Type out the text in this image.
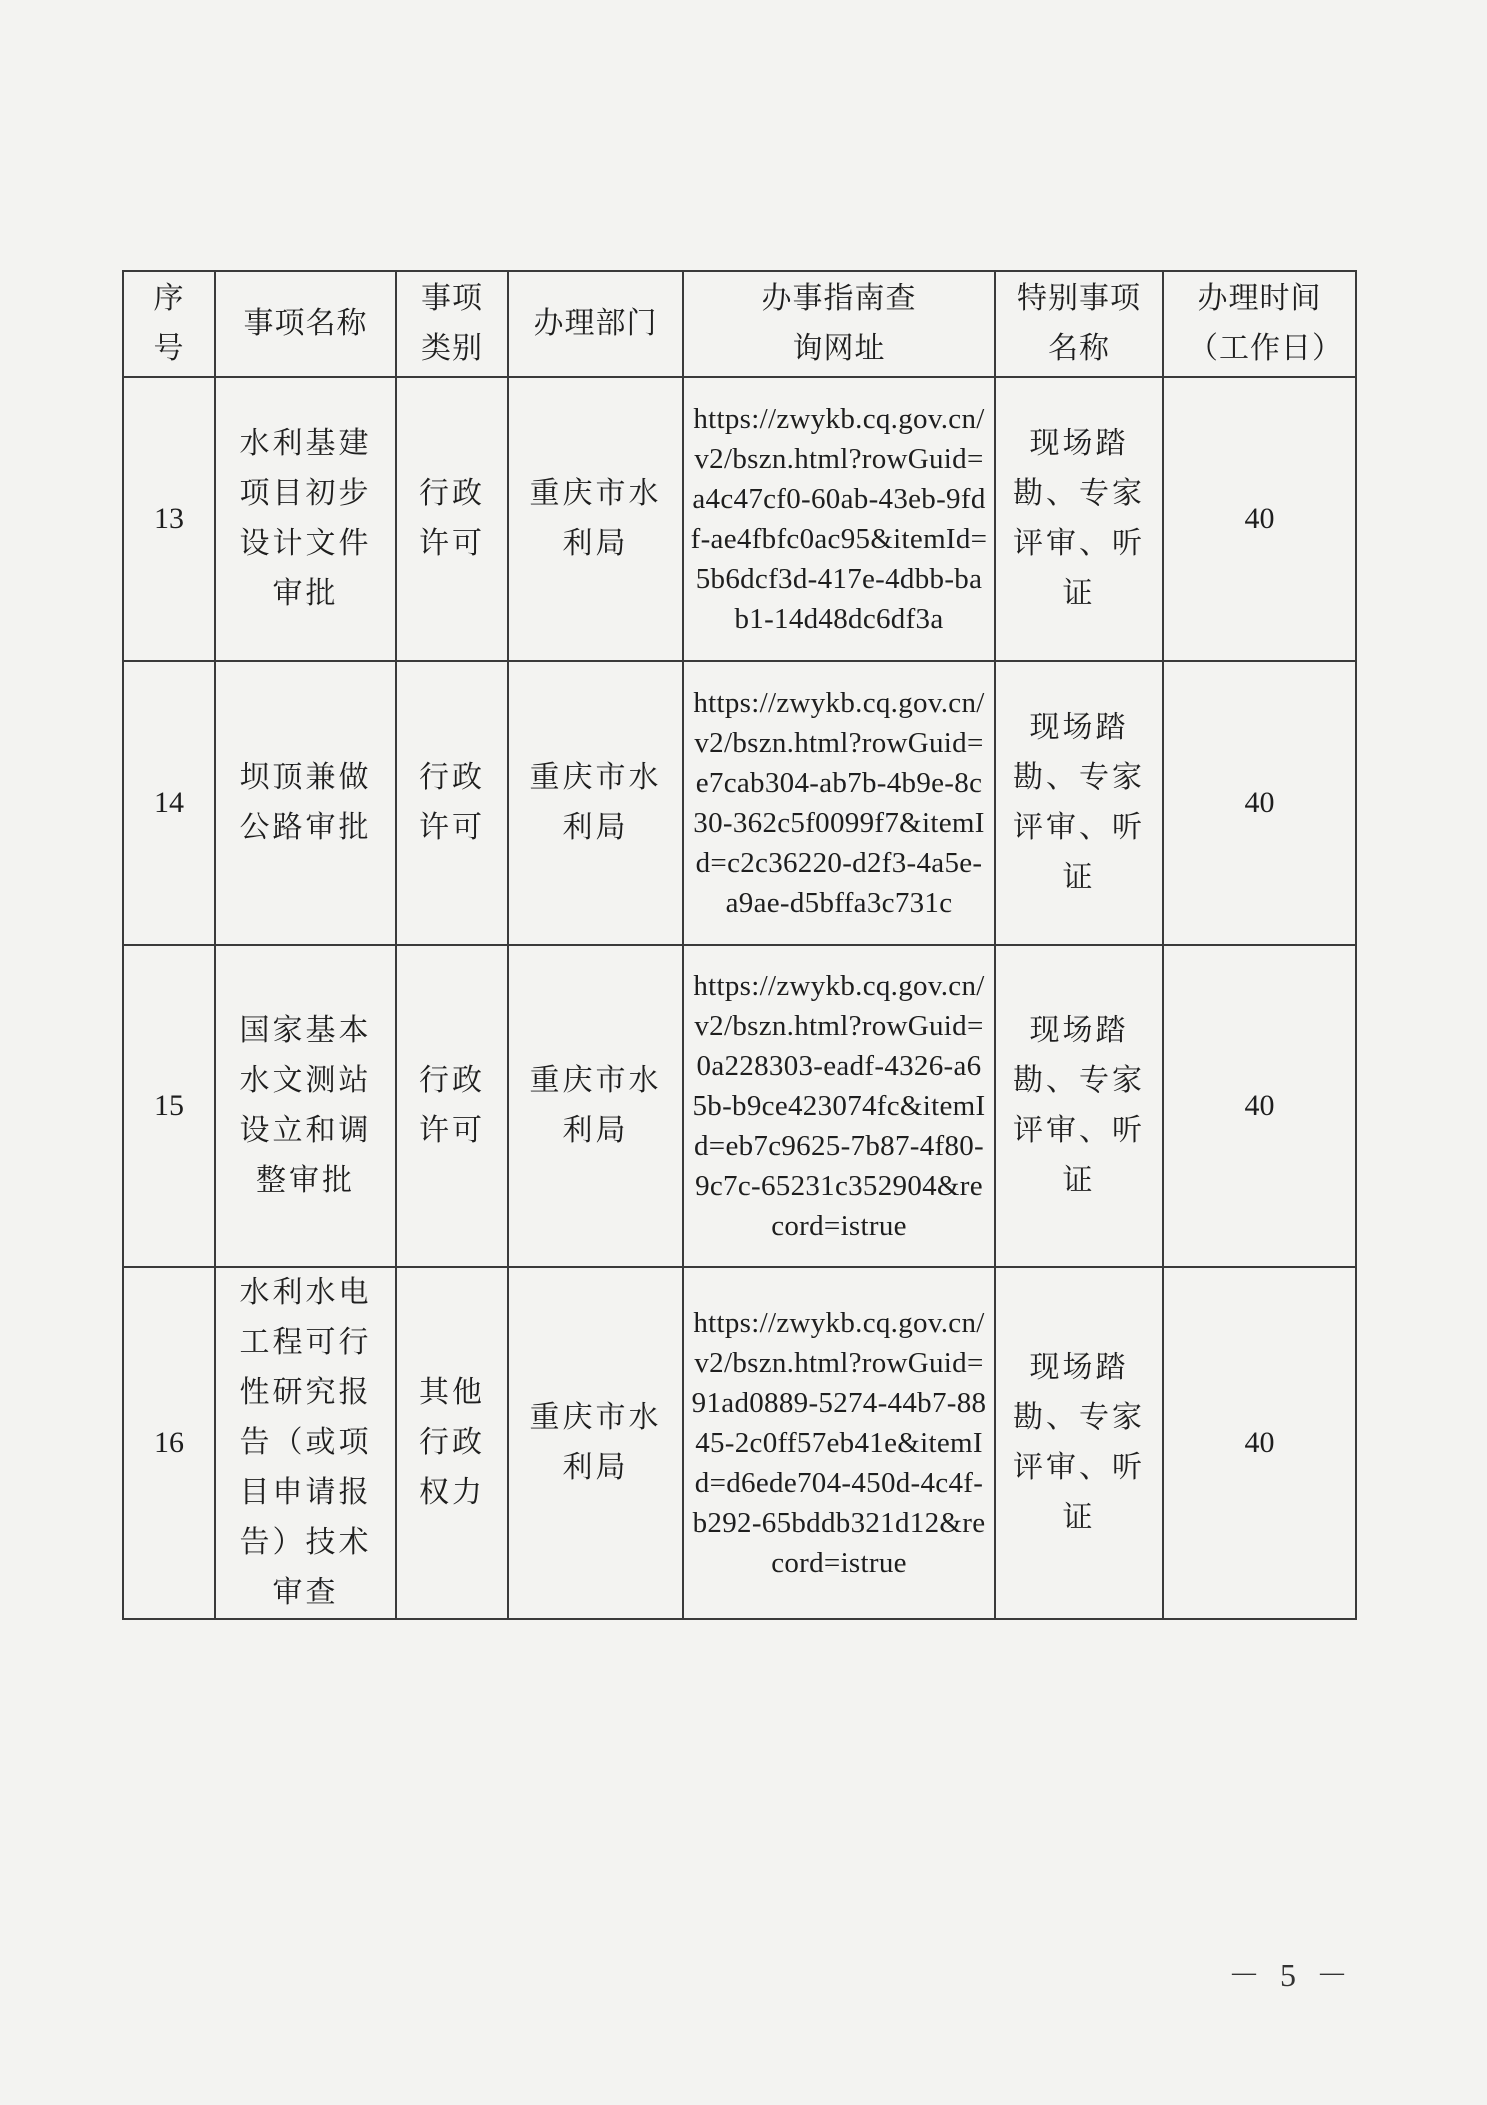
序号	事项名称	事项类别	办理部门	办事指南查询网址	特别事项名称	办理时间（工作日）
13	水利基建项目初步设计文件审批	行政许可	重庆市水利局	https://zwykb.cq.gov.cn/v2/bszn.html?rowGuid=a4c47cf0-60ab-43eb-9fdf-ae4fbfc0ac95&itemId=5b6dcf3d-417e-4dbb-bab1-14d48dc6df3a	现场踏勘、专家评审、听证	40
14	坝顶兼做公路审批	行政许可	重庆市水利局	https://zwykb.cq.gov.cn/v2/bszn.html?rowGuid=e7cab304-ab7b-4b9e-8c30-362c5f0099f7&itemId=c2c36220-d2f3-4a5e-a9ae-d5bffa3c731c	现场踏勘、专家评审、听证	40
15	国家基本水文测站设立和调整审批	行政许可	重庆市水利局	https://zwykb.cq.gov.cn/v2/bszn.html?rowGuid=0a228303-eadf-4326-a65b-b9ce423074fc&itemId=eb7c9625-7b87-4f80-9c7c-65231c352904&record=istrue	现场踏勘、专家评审、听证	40
16	水利水电工程可行性研究报告（或项目申请报告）技术审查	其他行政权力	重庆市水利局	https://zwykb.cq.gov.cn/v2/bszn.html?rowGuid=91ad0889-5274-44b7-8845-2c0ff57eb41e&itemId=d6ede704-450d-4c4f-b292-65bddb321d12&record=istrue	现场踏勘、专家评审、听证	40
－ 5 －
